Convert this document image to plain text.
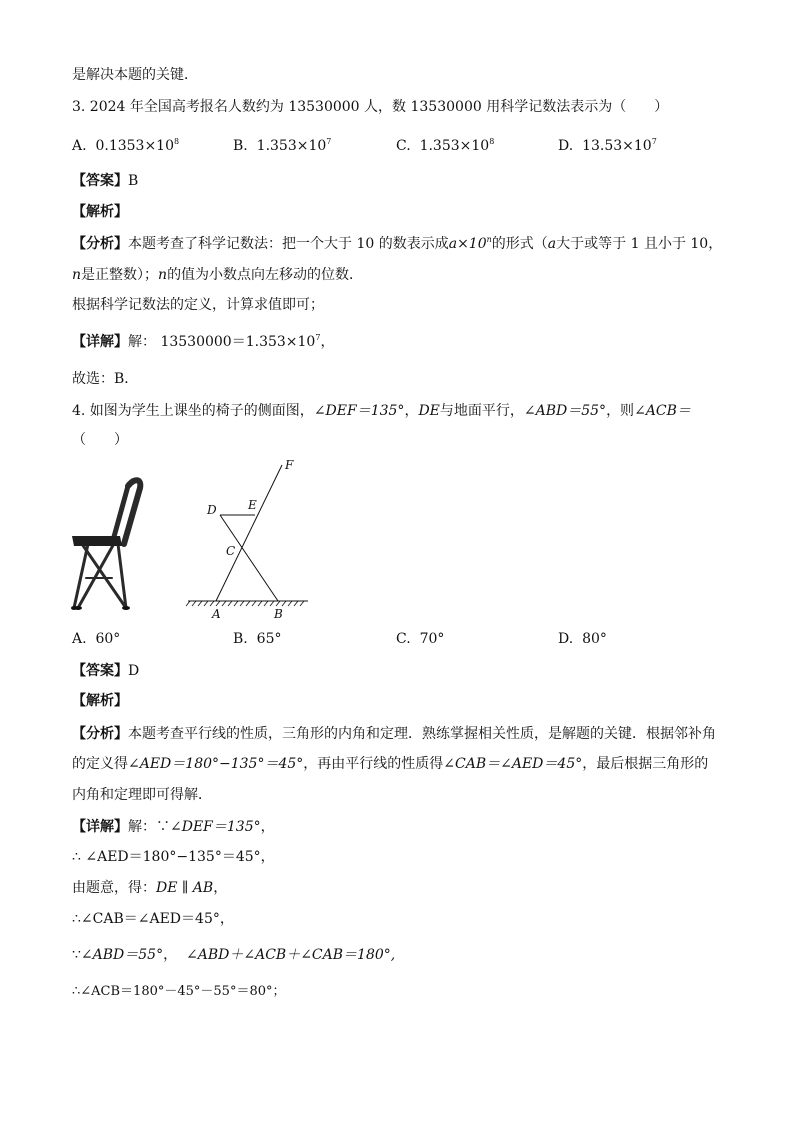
是解决本题的关键．
3. 2024 年全国高考报名人数约为 13530000 人，数 13530000 用科学记数法表示为（　　）
A. $0.1353\times 10^8$	B. $1.353\times 10^7$	C. $1.353\times 10^8$	D. $13.53\times 10^7$
【答案】B
【解析】
【分析】本题考查了科学记数法：把一个大于 10 的数表示成$a\times 10^n$的形式（a大于或等于 1 且小于 10，
n是正整数）；n的值为小数点向左移动的位数．
根据科学记数法的定义，计算求值即可；
【详解】解： $13530000=1.353\times 10^7$，
故选：B．
4. 如图为学生上课坐的椅子的侧面图，∠DEF＝135°，DE与地面平行，∠ABD＝55°，则∠ACB＝
（　　）
F
D	E
C
A	B
A. 60°	B. 65°	C. 70°	D. 80°
【答案】D
【解析】
【分析】本题考查平行线的性质，三角形的内角和定理．熟练掌握相关性质，是解题的关键．根据邻补角
的定义得∠AED＝180°−135°＝45°，再由平行线的性质得∠CAB＝∠AED＝45°，最后根据三角形的
内角和定理即可得解．
【详解】解：∵∠DEF＝135°，
∴ ∠AED＝180°−135°＝45°，
由题意，得：DE ∥ AB，
∴∠CAB＝∠AED＝45°，
∵∠ABD＝55°， ∠ABD＋∠ACB＋∠CAB＝180°,
∴∠ACB＝180°－45°－55°＝80°；
